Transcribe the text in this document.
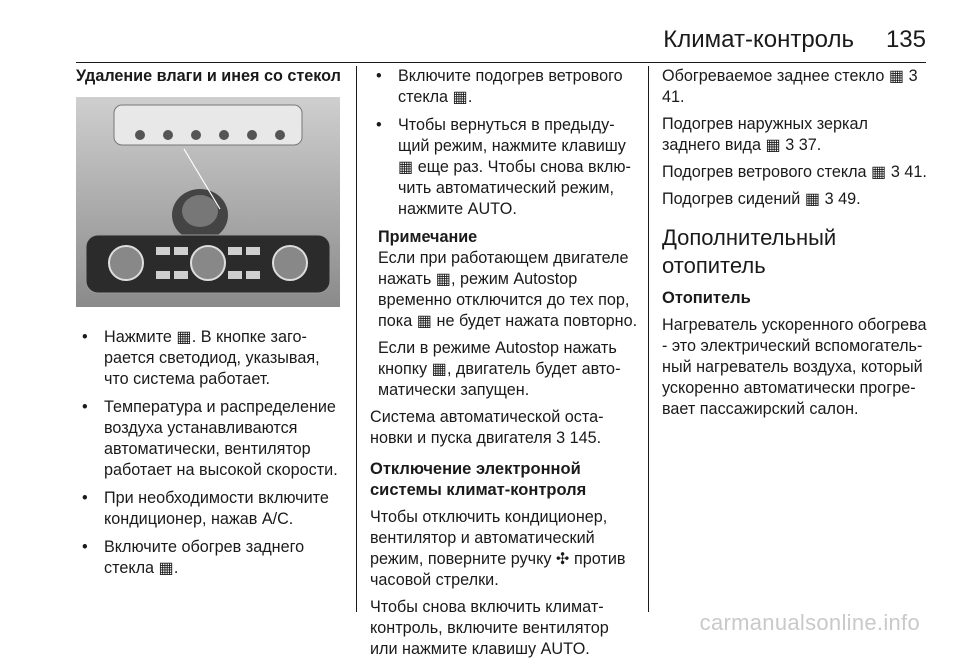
Климат-контроль 135
Удаление влаги и инея со стекол
• Нажмите ▦. В кнопке загорается светодиод, указывая, что система работает.
• Температура и распределение воздуха устанавливаются автоматически, вентилятор работает на высокой скорости.
• При необходимости включите кондиционер, нажав A/C.
• Включите обогрев заднего стекла ▦.
• Включите подогрев ветрового стекла ▦.
• Чтобы вернуться в предыдущий режим, нажмите клавишу ▦ еще раз. Чтобы снова включить автоматический режим, нажмите AUTO.
Примечание

Если при работающем двигателе нажать ▦, режим Autostop временно отключится до тех пор, пока ▦ не будет нажата повторно.

Если в режиме Autostop нажать кнопку ▦, двигатель будет автоматически запущен.

Система автоматической остановки и пуска двигателя 3 145.

Отключение электронной системы климат-контроля

Чтобы отключить кондиционер, вентилятор и автоматический режим, поверните ручку ✣ против часовой стрелки.

Чтобы снова включить климат-контроль, включите вентилятор или нажмите клавишу AUTO.

Обогреваемое заднее стекло ▦ 3 41.

Подогрев наружных зеркал заднего вида ▦ 3 37.

Подогрев ветрового стекла ▦ 3 41.

Подогрев сидений ▦ 3 49.

Дополнительный отопитель
Отопитель

Нагреватель ускоренного обогрева - это электрический вспомогательный нагреватель воздуха, который ускоренно автоматически прогревает пассажирский салон.

carmanualsonline.info
